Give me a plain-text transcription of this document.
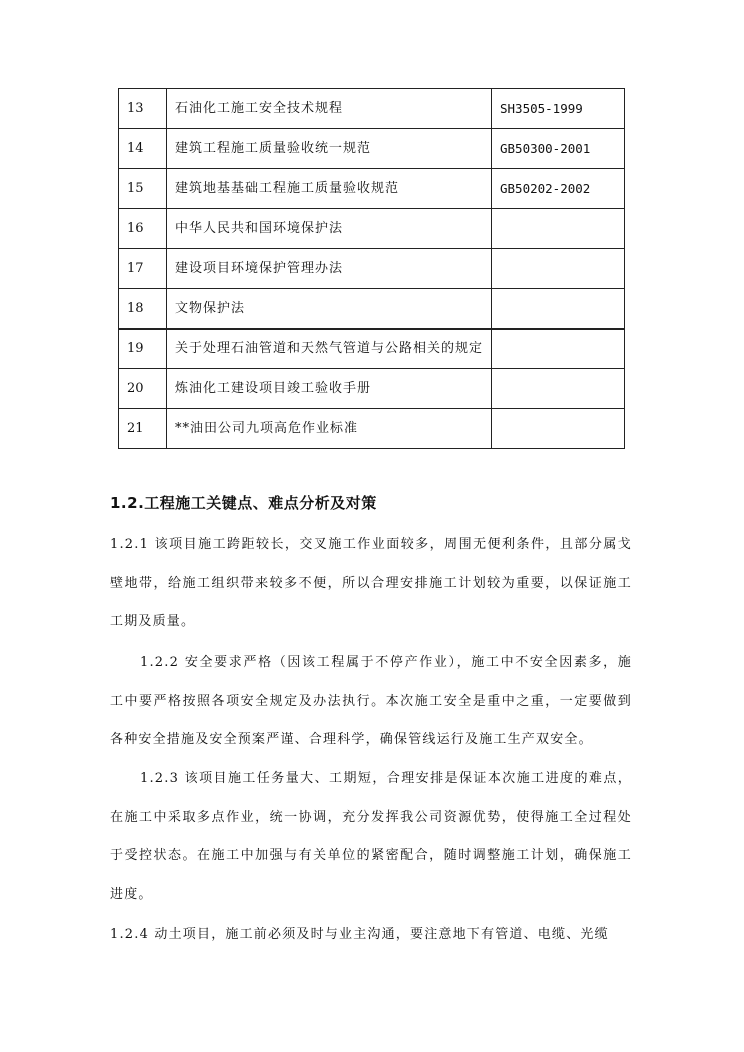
13	石油化工施工安全技术规程	SH3505-1999
14	建筑工程施工质量验收统一规范	GB50300-2001
15	建筑地基基础工程施工质量验收规范	GB50202-2002
16	中华人民共和国环境保护法	
17	建设项目环境保护管理办法	
18	文物保护法	
19	关于处理石油管道和天然气管道与公路相关的规定	
20	炼油化工建设项目竣工验收手册	
21	**油田公司九项高危作业标准	
1.2.工程施工关键点、难点分析及对策

1.2.1 该项目施工跨距较长，交叉施工作业面较多，周围无便利条件，且部分属戈壁地带，给施工组织带来较多不便，所以合理安排施工计划较为重要，以保证施工工期及质量。

1.2.2 安全要求严格（因该工程属于不停产作业），施工中不安全因素多，施工中要严格按照各项安全规定及办法执行。本次施工安全是重中之重，一定要做到各种安全措施及安全预案严谨、合理科学，确保管线运行及施工生产双安全。

1.2.3 该项目施工任务量大、工期短，合理安排是保证本次施工进度的难点，在施工中采取多点作业，统一协调，充分发挥我公司资源优势，使得施工全过程处于受控状态。在施工中加强与有关单位的紧密配合，随时调整施工计划，确保施工进度。

1.2.4 动土项目，施工前必须及时与业主沟通，要注意地下有管道、电缆、光缆
